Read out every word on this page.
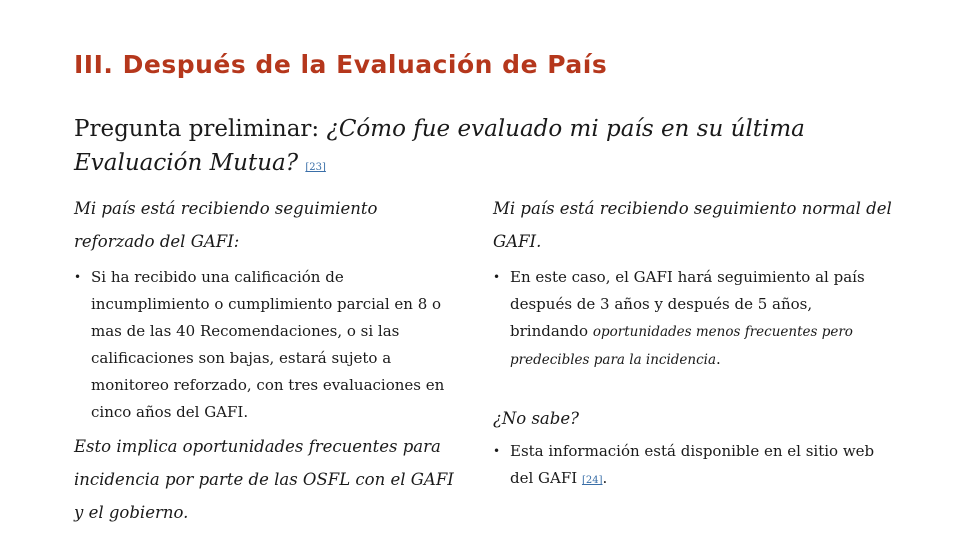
III. Después de la Evaluación de País

Pregunta preliminar: ¿Cómo fue evaluado mi país en su última Evaluación Mutua? [23]

Mi país está recibiendo seguimiento reforzado del GAFI:

• Si ha recibido una calificación de incumplimiento o cumplimiento parcial en 8 o mas de las 40 Recomendaciones, o si las calificaciones son bajas, estará sujeto a monitoreo reforzado, con tres evaluaciones en cinco años del GAFI.

Esto implica oportunidades frecuentes para incidencia por parte de las OSFL con el GAFI y el gobierno.

Mi país está recibiendo seguimiento normal del GAFI.

• En este caso, el GAFI hará seguimiento al país después de 3 años y después de 5 años, brindando oportunidades menos frecuentes pero predecibles para la incidencia.

¿No sabe?

• Esta información está disponible en el sitio web del GAFI [24].
